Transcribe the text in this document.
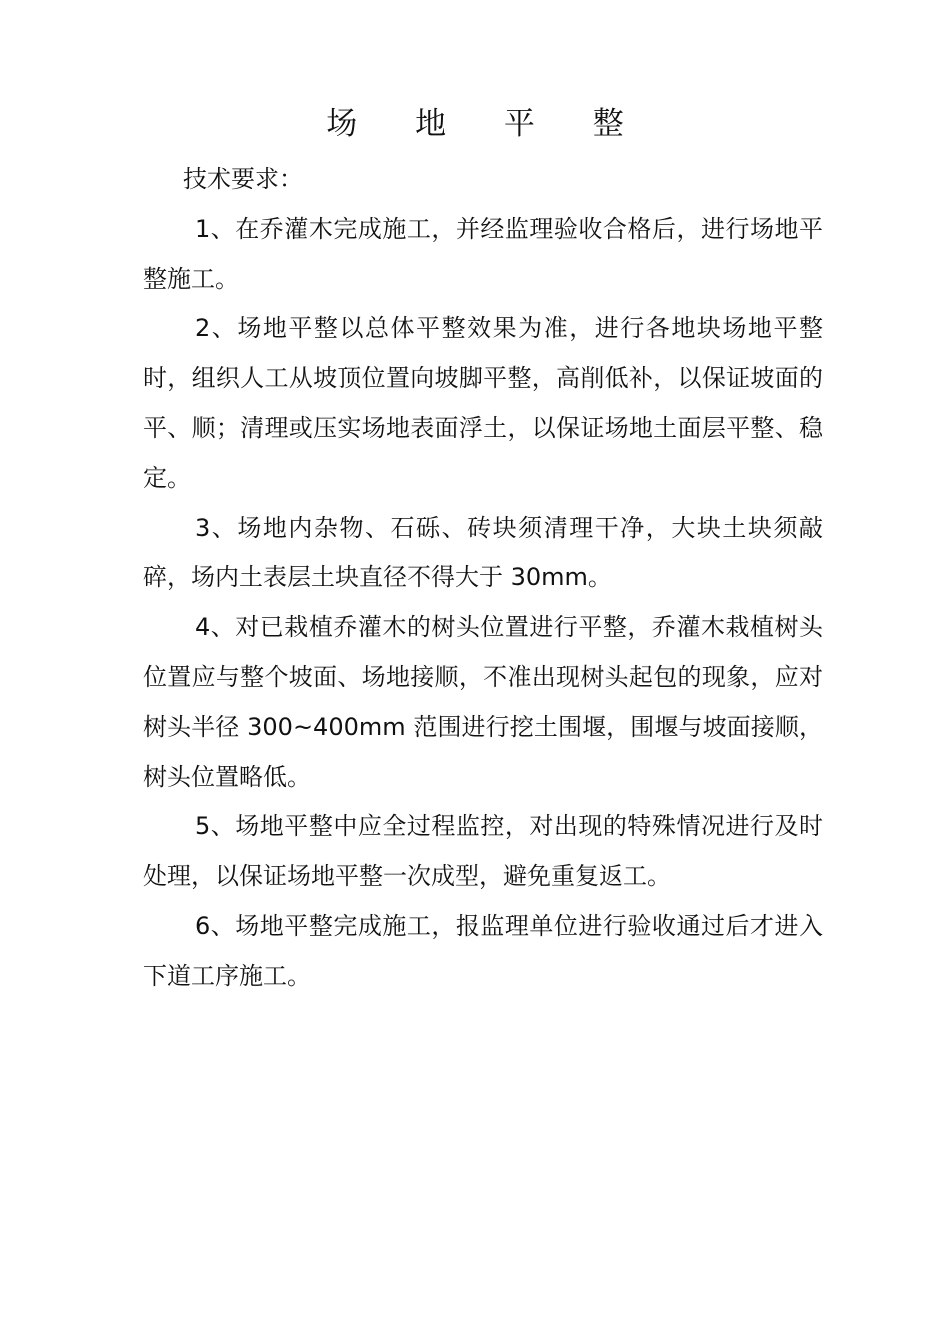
场 地 平 整

技术要求：

1、在乔灌木完成施工，并经监理验收合格后，进行场地平整施工。

2、场地平整以总体平整效果为准，进行各地块场地平整时，组织人工从坡顶位置向坡脚平整，高削低补，以保证坡面的平、顺；清理或压实场地表面浮土，以保证场地土面层平整、稳定。

3、场地内杂物、石砾、砖块须清理干净，大块土块须敲碎，场内土表层土块直径不得大于 30mm。

4、对已栽植乔灌木的树头位置进行平整，乔灌木栽植树头位置应与整个坡面、场地接顺，不准出现树头起包的现象，应对树头半径 300~400mm 范围进行挖土围堰，围堰与坡面接顺，树头位置略低。

5、场地平整中应全过程监控，对出现的特殊情况进行及时处理，以保证场地平整一次成型，避免重复返工。

6、场地平整完成施工，报监理单位进行验收通过后才进入下道工序施工。
